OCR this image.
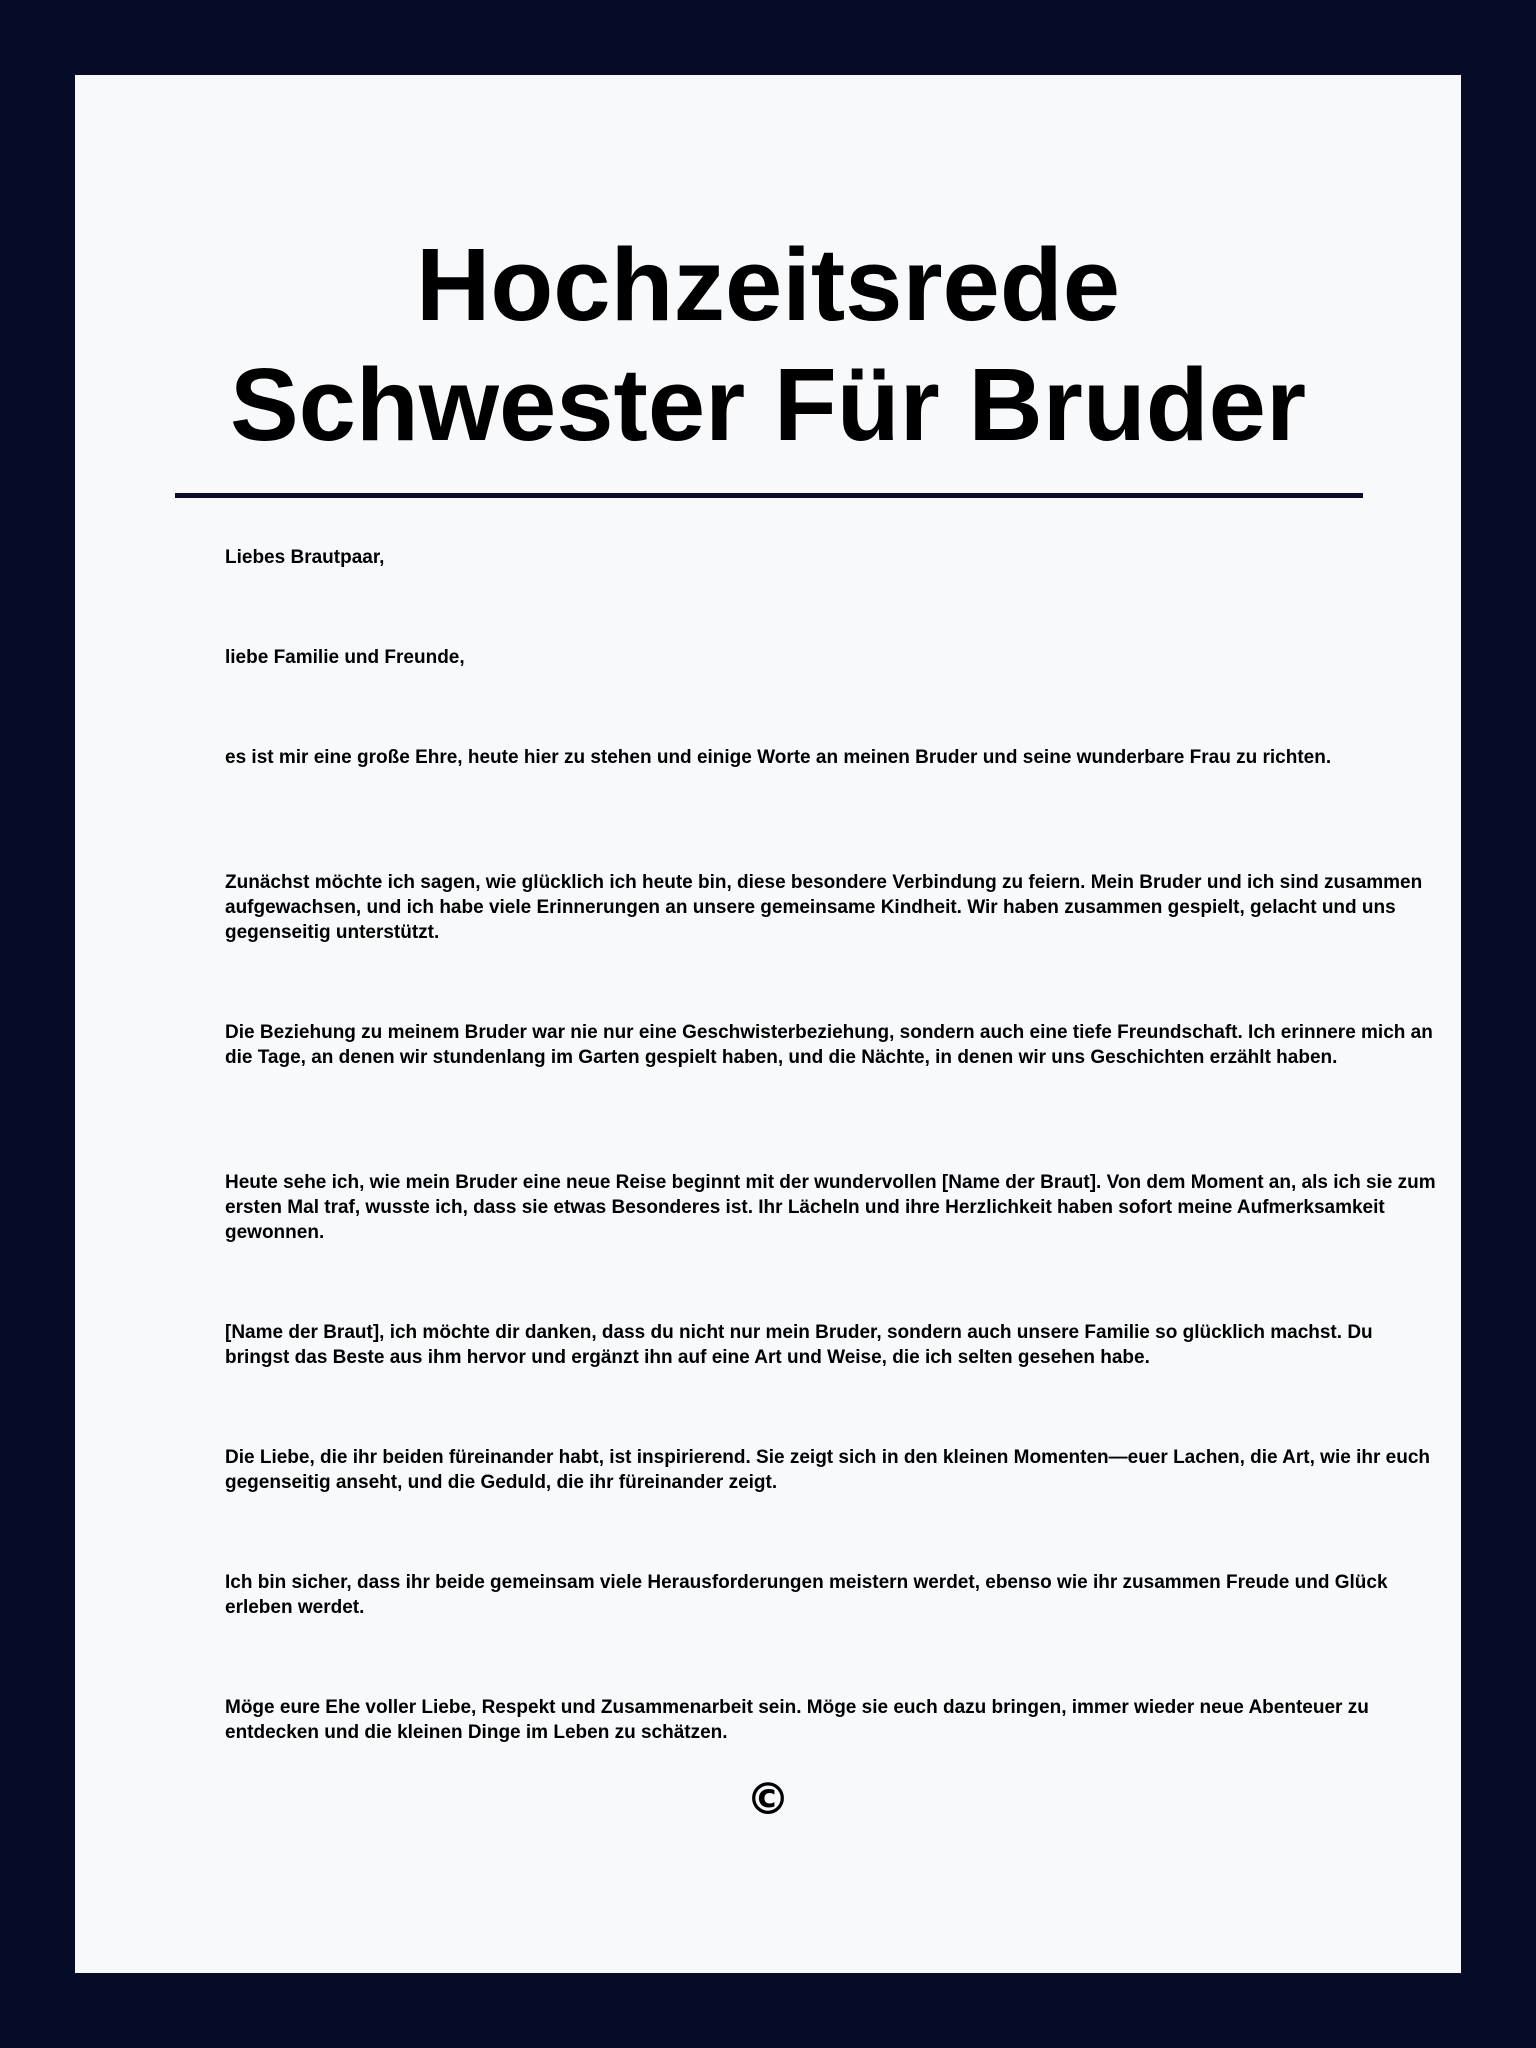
Hochzeitsrede
Schwester Für Bruder

Liebes Brautpaar,

liebe Familie und Freunde,

es ist mir eine große Ehre, heute hier zu stehen und einige Worte an meinen Bruder und seine wunderbare Frau zu richten.

Zunächst möchte ich sagen, wie glücklich ich heute bin, diese besondere Verbindung zu feiern. Mein Bruder und ich sind zusammen aufgewachsen, und ich habe viele Erinnerungen an unsere gemeinsame Kindheit. Wir haben zusammen gespielt, gelacht und uns gegenseitig unterstützt.

Die Beziehung zu meinem Bruder war nie nur eine Geschwisterbeziehung, sondern auch eine tiefe Freundschaft. Ich erinnere mich an die Tage, an denen wir stundenlang im Garten gespielt haben, und die Nächte, in denen wir uns Geschichten erzählt haben.

Heute sehe ich, wie mein Bruder eine neue Reise beginnt mit der wundervollen [Name der Braut]. Von dem Moment an, als ich sie zum ersten Mal traf, wusste ich, dass sie etwas Besonderes ist. Ihr Lächeln und ihre Herzlichkeit haben sofort meine Aufmerksamkeit gewonnen.

[Name der Braut], ich möchte dir danken, dass du nicht nur mein Bruder, sondern auch unsere Familie so glücklich machst. Du bringst das Beste aus ihm hervor und ergänzt ihn auf eine Art und Weise, die ich selten gesehen habe.

Die Liebe, die ihr beiden füreinander habt, ist inspirierend. Sie zeigt sich in den kleinen Momenten—euer Lachen, die Art, wie ihr euch gegenseitig anseht, und die Geduld, die ihr füreinander zeigt.

Ich bin sicher, dass ihr beide gemeinsam viele Herausforderungen meistern werdet, ebenso wie ihr zusammen Freude und Glück erleben werdet.

Möge eure Ehe voller Liebe, Respekt und Zusammenarbeit sein. Möge sie euch dazu bringen, immer wieder neue Abenteuer zu entdecken und die kleinen Dinge im Leben zu schätzen.

©
